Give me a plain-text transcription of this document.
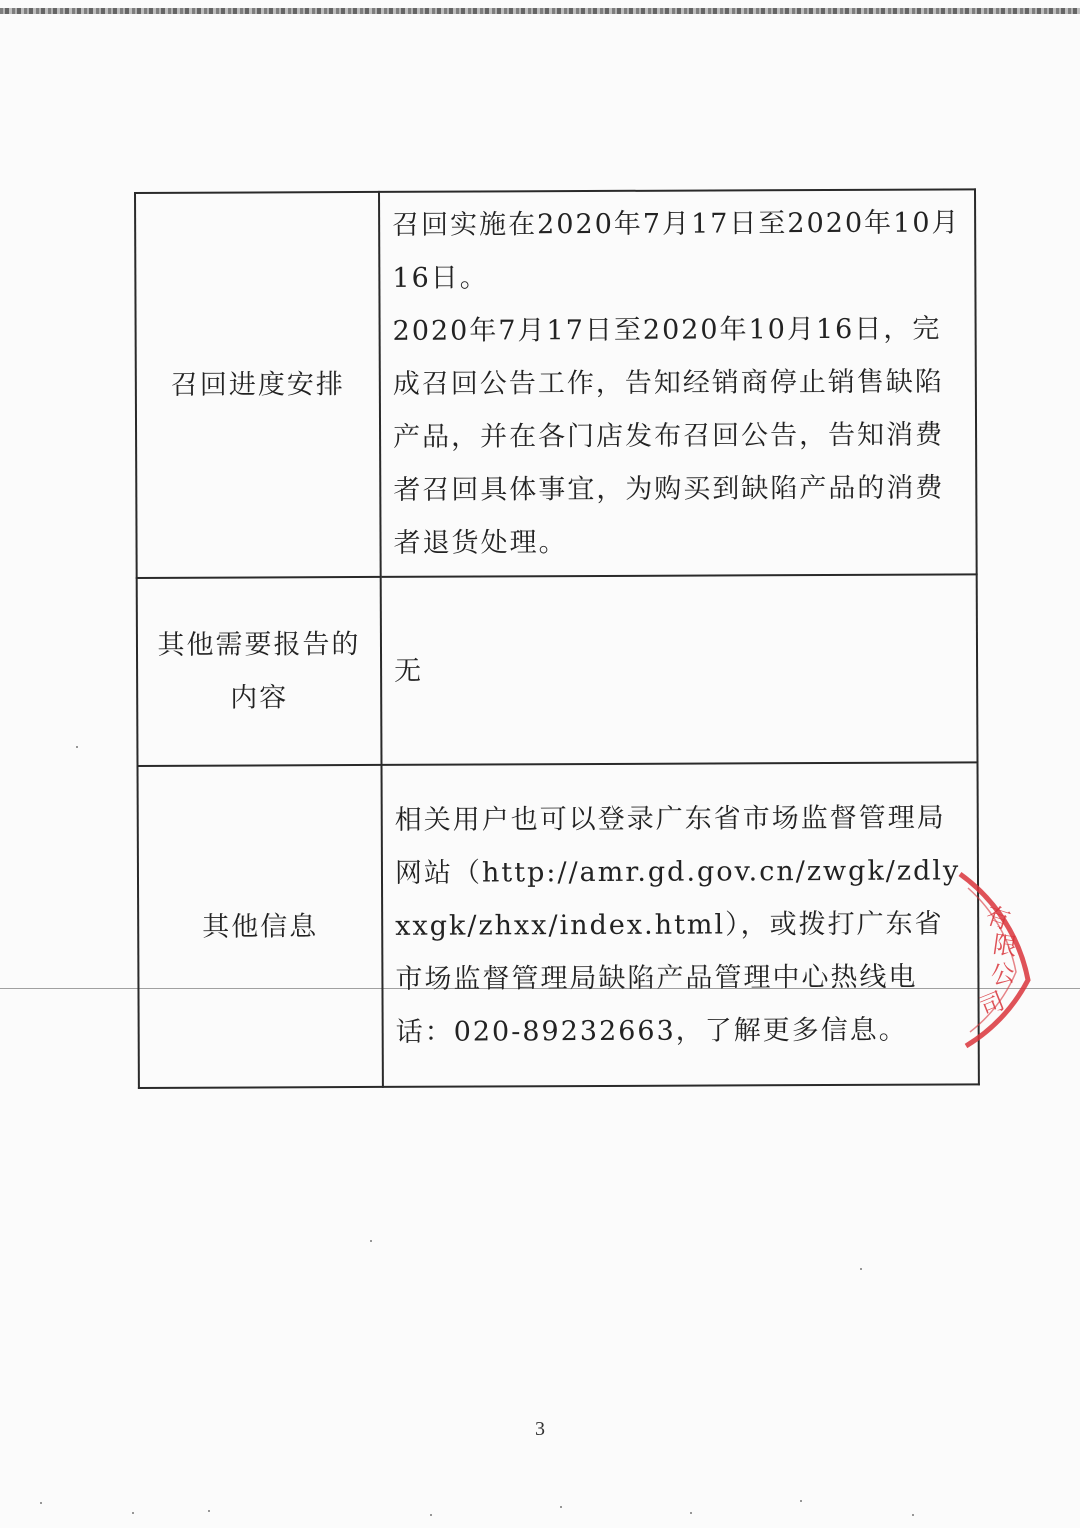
召回进度安排	召回实施在2020年7月17日至2020年10月16日。

2020年7月17日至2020年10月16日，完成召回公告工作，告知经销商停止销售缺陷产品，并在各门店发布召回公告，告知消费者召回具体事宜，为购买到缺陷产品的消费者退货处理。

其他需要报告的内容	无

其他信息	相关用户也可以登录广东省市场监督管理局网站（http://amr.gd.gov.cn/zwgk/zdlyxxgk/zhxx/index.html），或拨打广东省市场监督管理局缺陷产品管理中心热线电话：020-89232663，了解更多信息。

有
限
公
司
3
